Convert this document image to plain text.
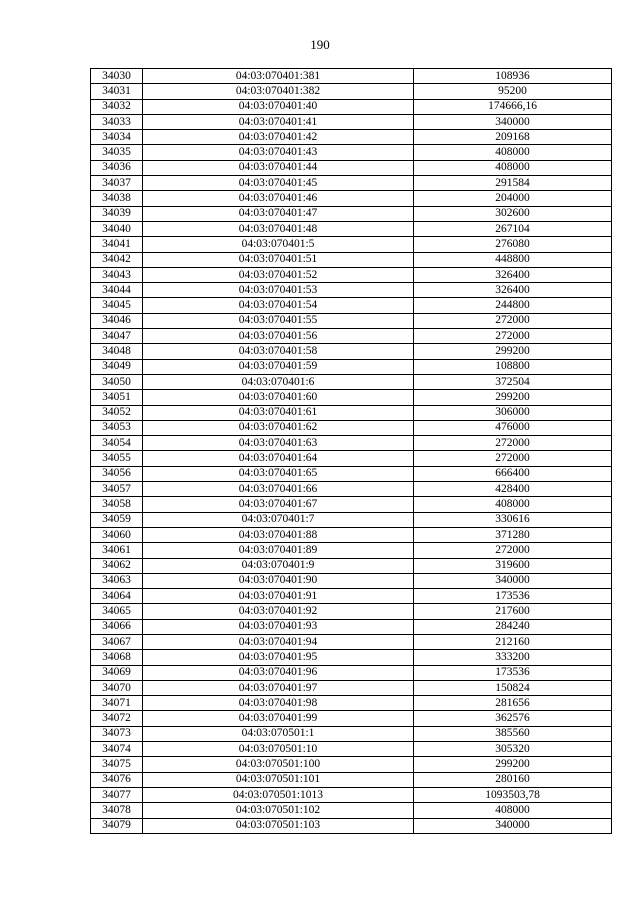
190
34030	04:03:070401:381	108936
34031	04:03:070401:382	95200
34032	04:03:070401:40	174666,16
34033	04:03:070401:41	340000
34034	04:03:070401:42	209168
34035	04:03:070401:43	408000
34036	04:03:070401:44	408000
34037	04:03:070401:45	291584
34038	04:03:070401:46	204000
34039	04:03:070401:47	302600
34040	04:03:070401:48	267104
34041	04:03:070401:5	276080
34042	04:03:070401:51	448800
34043	04:03:070401:52	326400
34044	04:03:070401:53	326400
34045	04:03:070401:54	244800
34046	04:03:070401:55	272000
34047	04:03:070401:56	272000
34048	04:03:070401:58	299200
34049	04:03:070401:59	108800
34050	04:03:070401:6	372504
34051	04:03:070401:60	299200
34052	04:03:070401:61	306000
34053	04:03:070401:62	476000
34054	04:03:070401:63	272000
34055	04:03:070401:64	272000
34056	04:03:070401:65	666400
34057	04:03:070401:66	428400
34058	04:03:070401:67	408000
34059	04:03:070401:7	330616
34060	04:03:070401:88	371280
34061	04:03:070401:89	272000
34062	04:03:070401:9	319600
34063	04:03:070401:90	340000
34064	04:03:070401:91	173536
34065	04:03:070401:92	217600
34066	04:03:070401:93	284240
34067	04:03:070401:94	212160
34068	04:03:070401:95	333200
34069	04:03:070401:96	173536
34070	04:03:070401:97	150824
34071	04:03:070401:98	281656
34072	04:03:070401:99	362576
34073	04:03:070501:1	385560
34074	04:03:070501:10	305320
34075	04:03:070501:100	299200
34076	04:03:070501:101	280160
34077	04:03:070501:1013	1093503,78
34078	04:03:070501:102	408000
34079	04:03:070501:103	340000
